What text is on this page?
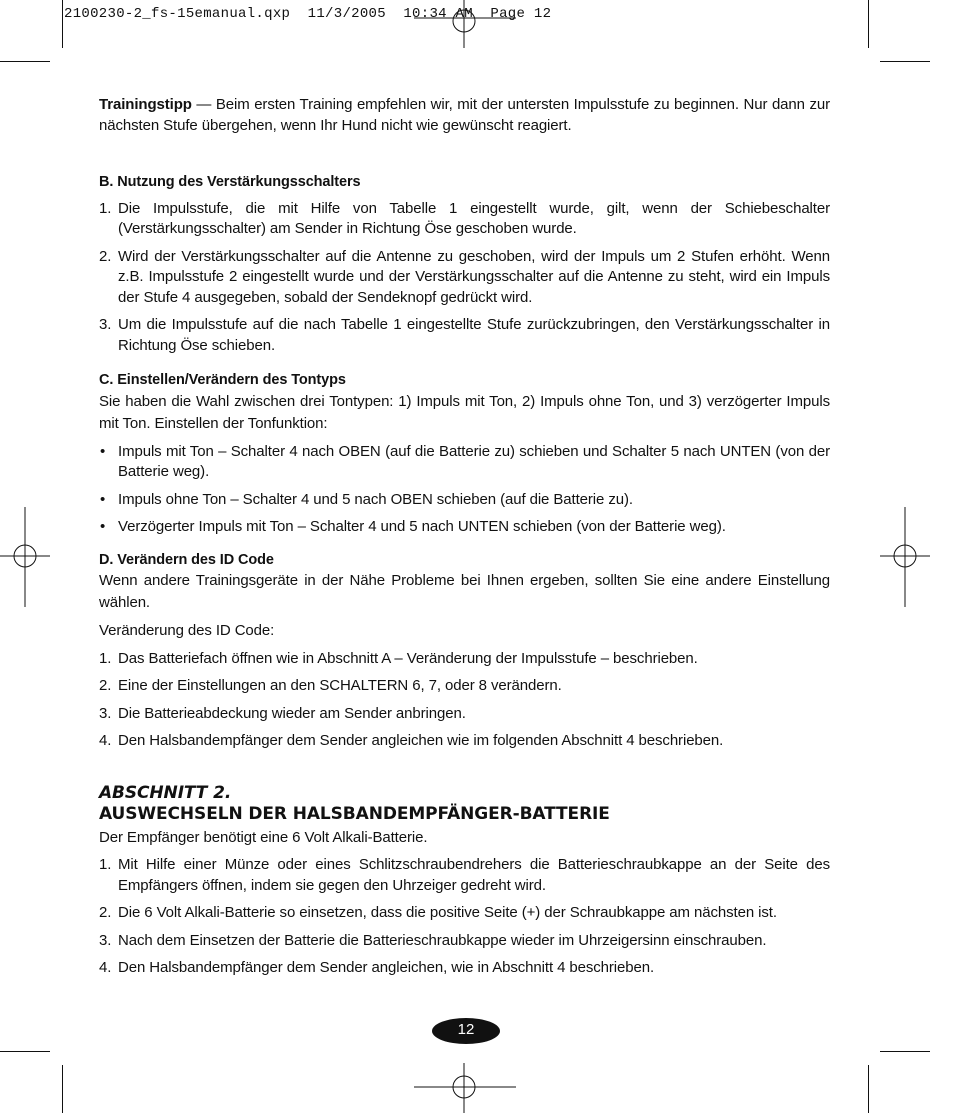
2100230-2_fs-15emanual.qxp  11/3/2005  10:34 AM  Page 12

Trainingstipp — Beim ersten Training empfehlen wir, mit der untersten Impulsstufe zu beginnen. Nur dann zur nächsten Stufe übergehen, wenn Ihr Hund nicht wie gewünscht reagiert.

B. Nutzung des Verstärkungsschalters
1. Die Impulsstufe, die mit Hilfe von Tabelle 1 eingestellt wurde, gilt, wenn der Schiebeschalter (Verstärkungsschalter) am Sender in Richtung Öse geschoben wurde.
2. Wird der Verstärkungsschalter auf die Antenne zu geschoben, wird der Impuls um 2 Stufen erhöht. Wenn z.B. Impulsstufe 2 eingestellt wurde und der Verstärkungsschalter auf die Antenne zu steht, wird ein Impuls der Stufe 4 ausgegeben, sobald der Sendeknopf gedrückt wird.
3. Um die Impulsstufe auf die nach Tabelle 1 eingestellte Stufe zurückzubringen, den Verstärkungsschalter in Richtung Öse schieben.
C. Einstellen/Verändern des Tontyps

Sie haben die Wahl zwischen drei Tontypen: 1) Impuls mit Ton, 2) Impuls ohne Ton, und 3) verzögerter Impuls mit Ton. Einstellen der Tonfunktion:

• Impuls mit Ton – Schalter 4 nach OBEN (auf die Batterie zu) schieben und Schalter 5 nach UNTEN (von der Batterie weg).
• Impuls ohne Ton – Schalter 4 und 5 nach OBEN schieben (auf die Batterie zu).
• Verzögerter Impuls mit Ton – Schalter 4 und 5 nach UNTEN schieben (von der Batterie weg).
D. Verändern des ID Code

Wenn andere Trainingsgeräte in der Nähe Probleme bei Ihnen ergeben, sollten Sie eine andere Einstellung wählen.

Veränderung des ID Code:

1. Das Batteriefach öffnen wie in Abschnitt A – Veränderung der Impulsstufe – beschrieben.
2. Eine der Einstellungen an den SCHALTERN 6, 7, oder 8 verändern.
3. Die Batterieabdeckung wieder am Sender anbringen.
4. Den Halsbandempfänger dem Sender angleichen wie im folgenden Abschnitt 4 beschrieben.
ABSCHNITT 2.
AUSWECHSELN DER HALSBANDEMPFÄNGER-BATTERIE

Der Empfänger benötigt eine 6 Volt Alkali-Batterie.

1. Mit Hilfe einer Münze oder eines Schlitzschraubendrehers die Batterieschraubkappe an der Seite des Empfängers öffnen, indem sie gegen den Uhrzeiger gedreht wird.
2. Die 6 Volt Alkali-Batterie so einsetzen, dass die positive Seite (+) der Schraubkappe am nächsten ist.
3. Nach dem Einsetzen der Batterie die Batterieschraubkappe wieder im Uhrzeigersinn einschrauben.
4. Den Halsbandempfänger dem Sender angleichen, wie in Abschnitt 4 beschrieben.
12
